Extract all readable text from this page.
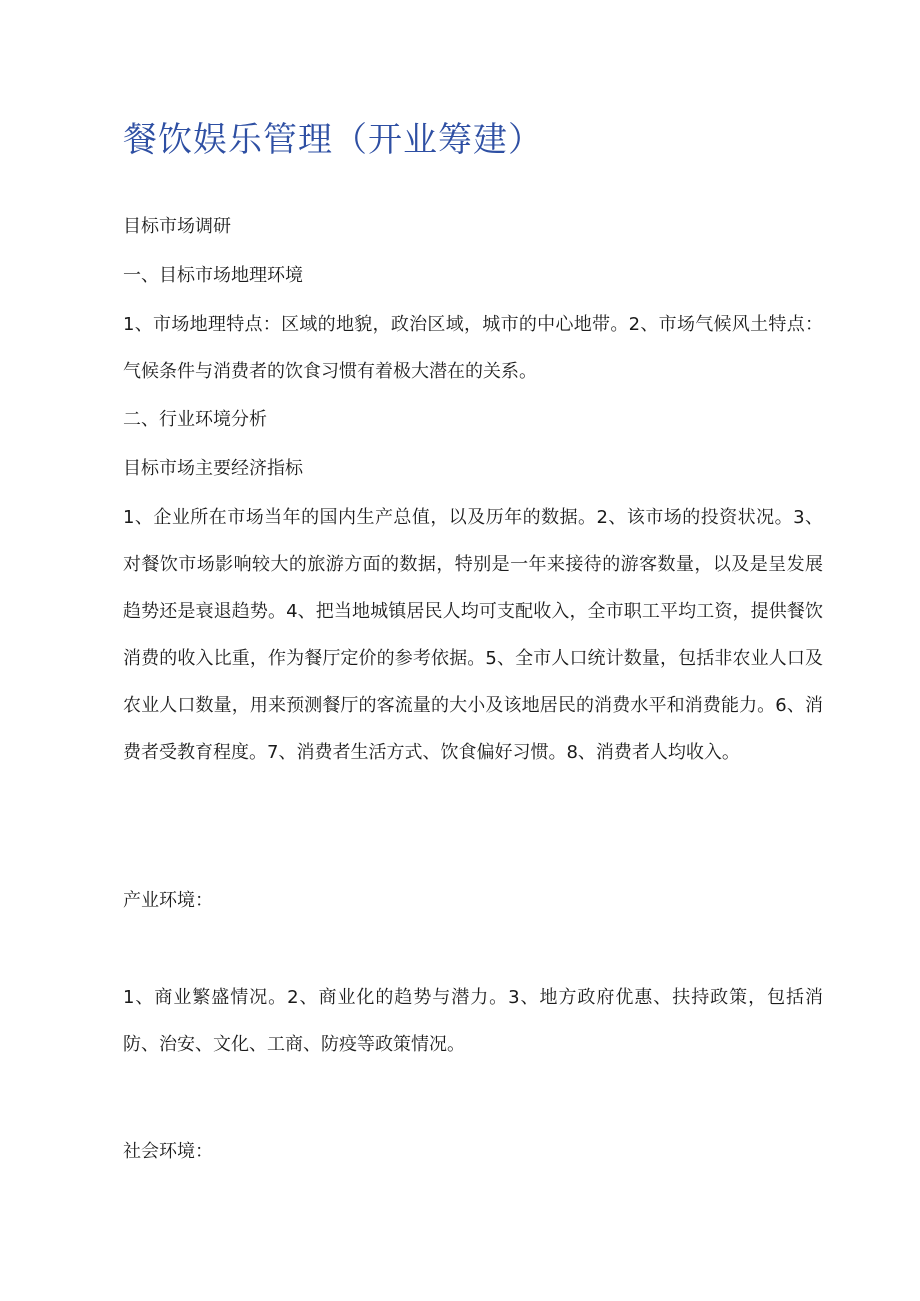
餐饮娱乐管理（开业筹建）

目标市场调研

一、目标市场地理环境

1、市场地理特点：区域的地貌，政治区域，城市的中心地带。2、市场气候风土特点：气候条件与消费者的饮食习惯有着极大潜在的关系。

二、行业环境分析

目标市场主要经济指标

1、企业所在市场当年的国内生产总值，以及历年的数据。2、该市场的投资状况。3、对餐饮市场影响较大的旅游方面的数据，特别是一年来接待的游客数量，以及是呈发展趋势还是衰退趋势。4、把当地城镇居民人均可支配收入，全市职工平均工资，提供餐饮消费的收入比重，作为餐厅定价的参考依据。5、全市人口统计数量，包括非农业人口及农业人口数量，用来预测餐厅的客流量的大小及该地居民的消费水平和消费能力。6、消费者受教育程度。7、消费者生活方式、饮食偏好习惯。8、消费者人均收入。

产业环境：

1、商业繁盛情况。2、商业化的趋势与潜力。3、地方政府优惠、扶持政策，包括消防、治安、文化、工商、防疫等政策情况。

社会环境：
